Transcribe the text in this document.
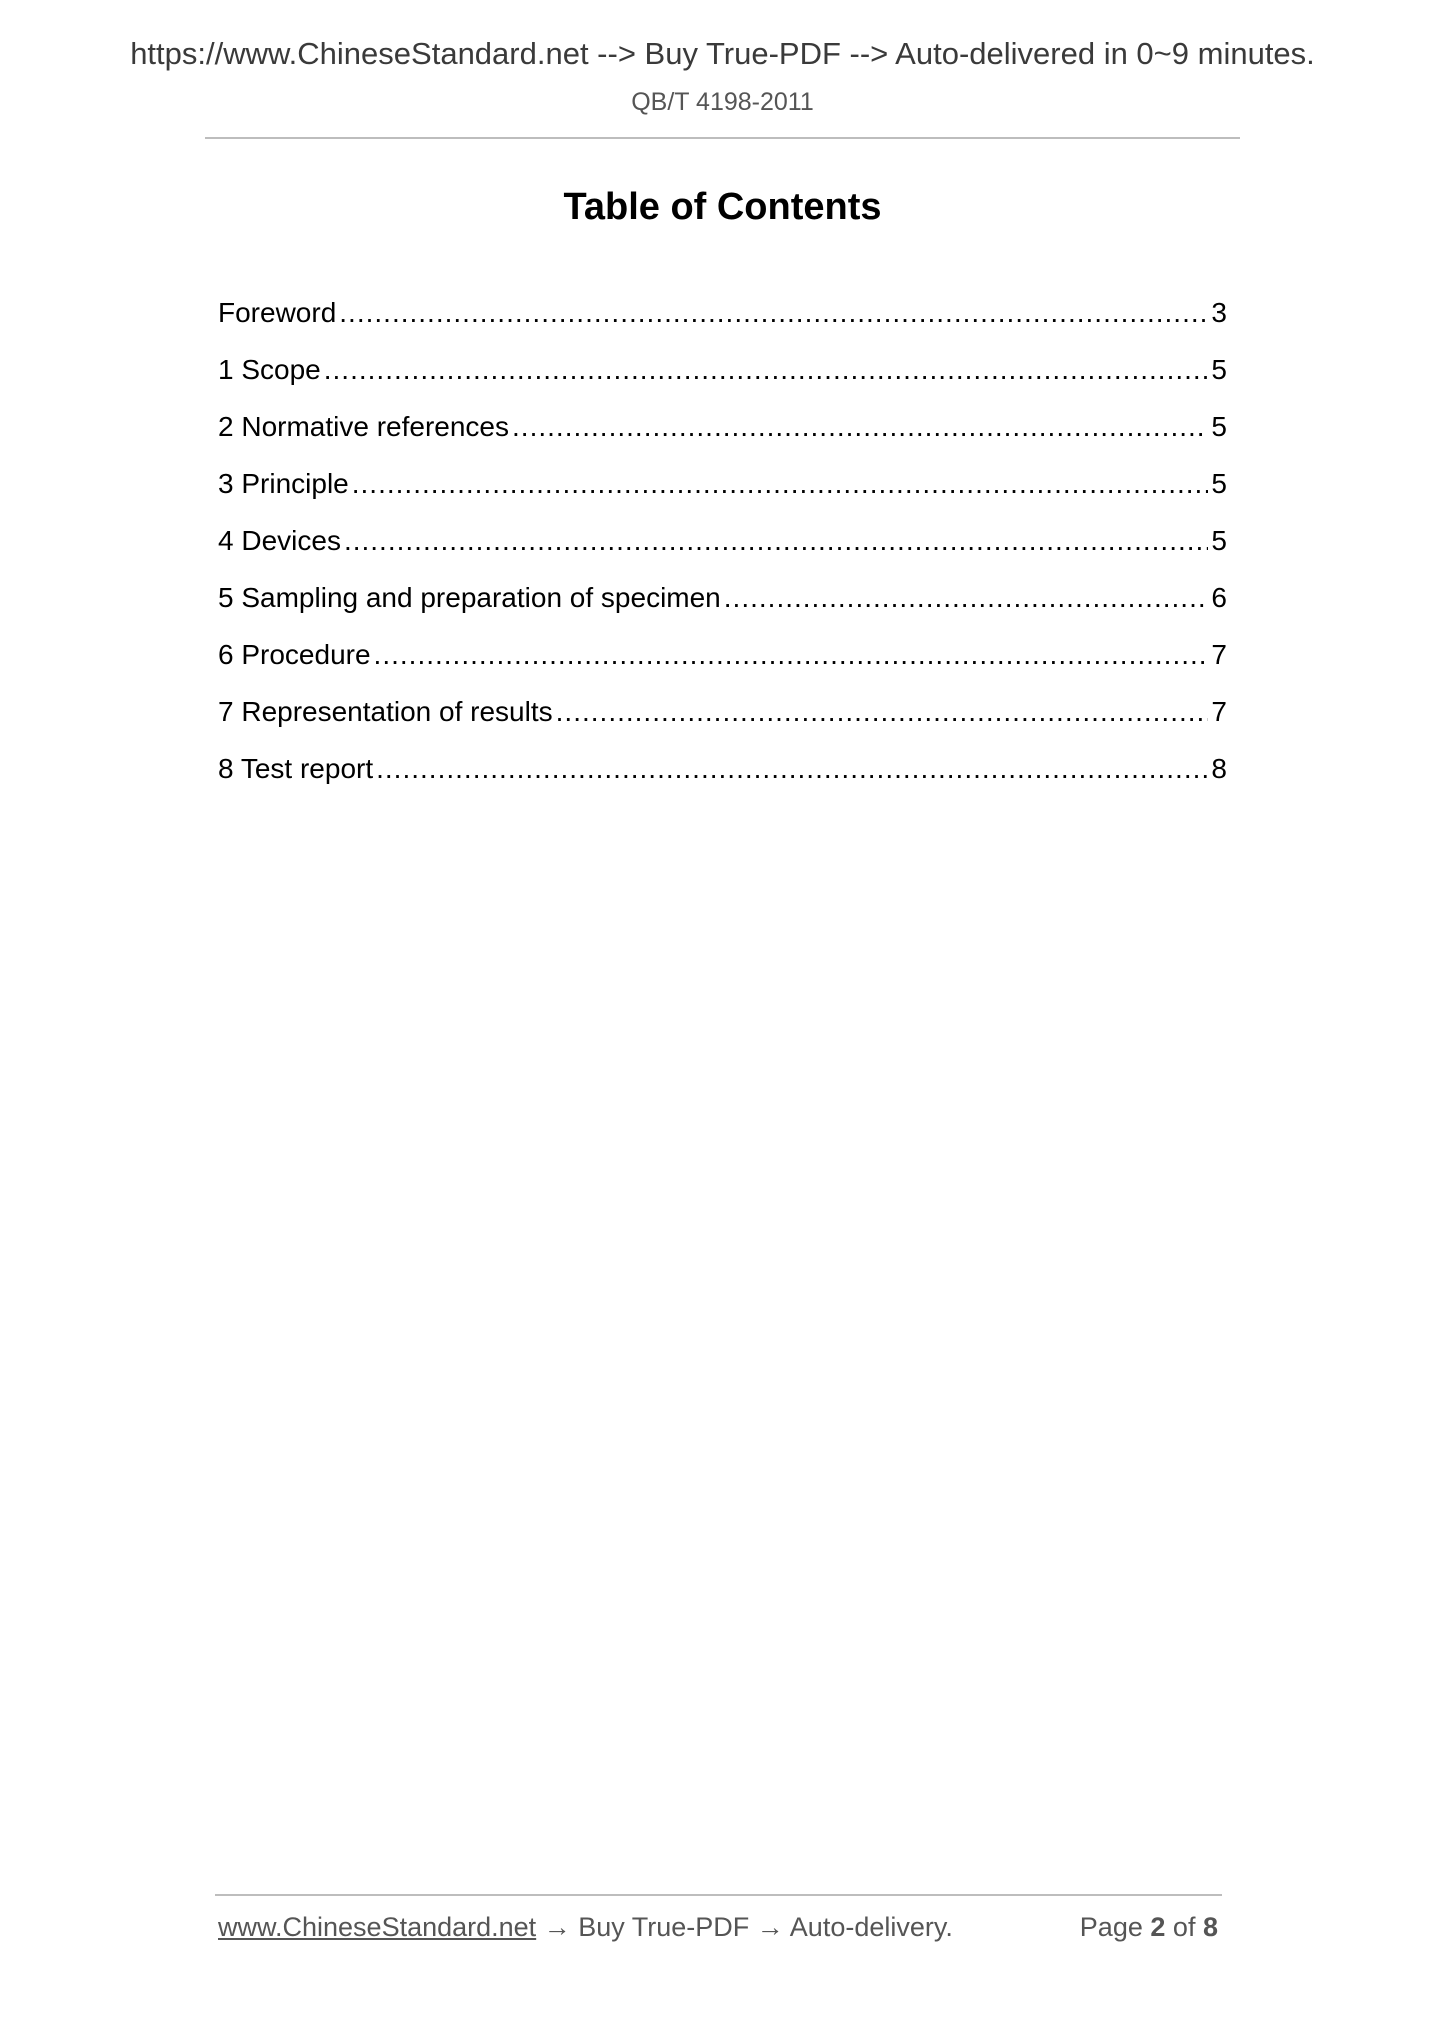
https://www.ChineseStandard.net --> Buy True-PDF --> Auto-delivered in 0~9 minutes.
QB/T 4198-2011
Table of Contents
Foreword .....	3
1 Scope .....	5
2 Normative references .....	5
3 Principle .....	5
4 Devices .....	5
5 Sampling and preparation of specimen .....	6
6 Procedure .....	7
7 Representation of results .....	7
8 Test report .....	8
www.ChineseStandard.net → Buy True-PDF → Auto-delivery.	Page 2 of 8
